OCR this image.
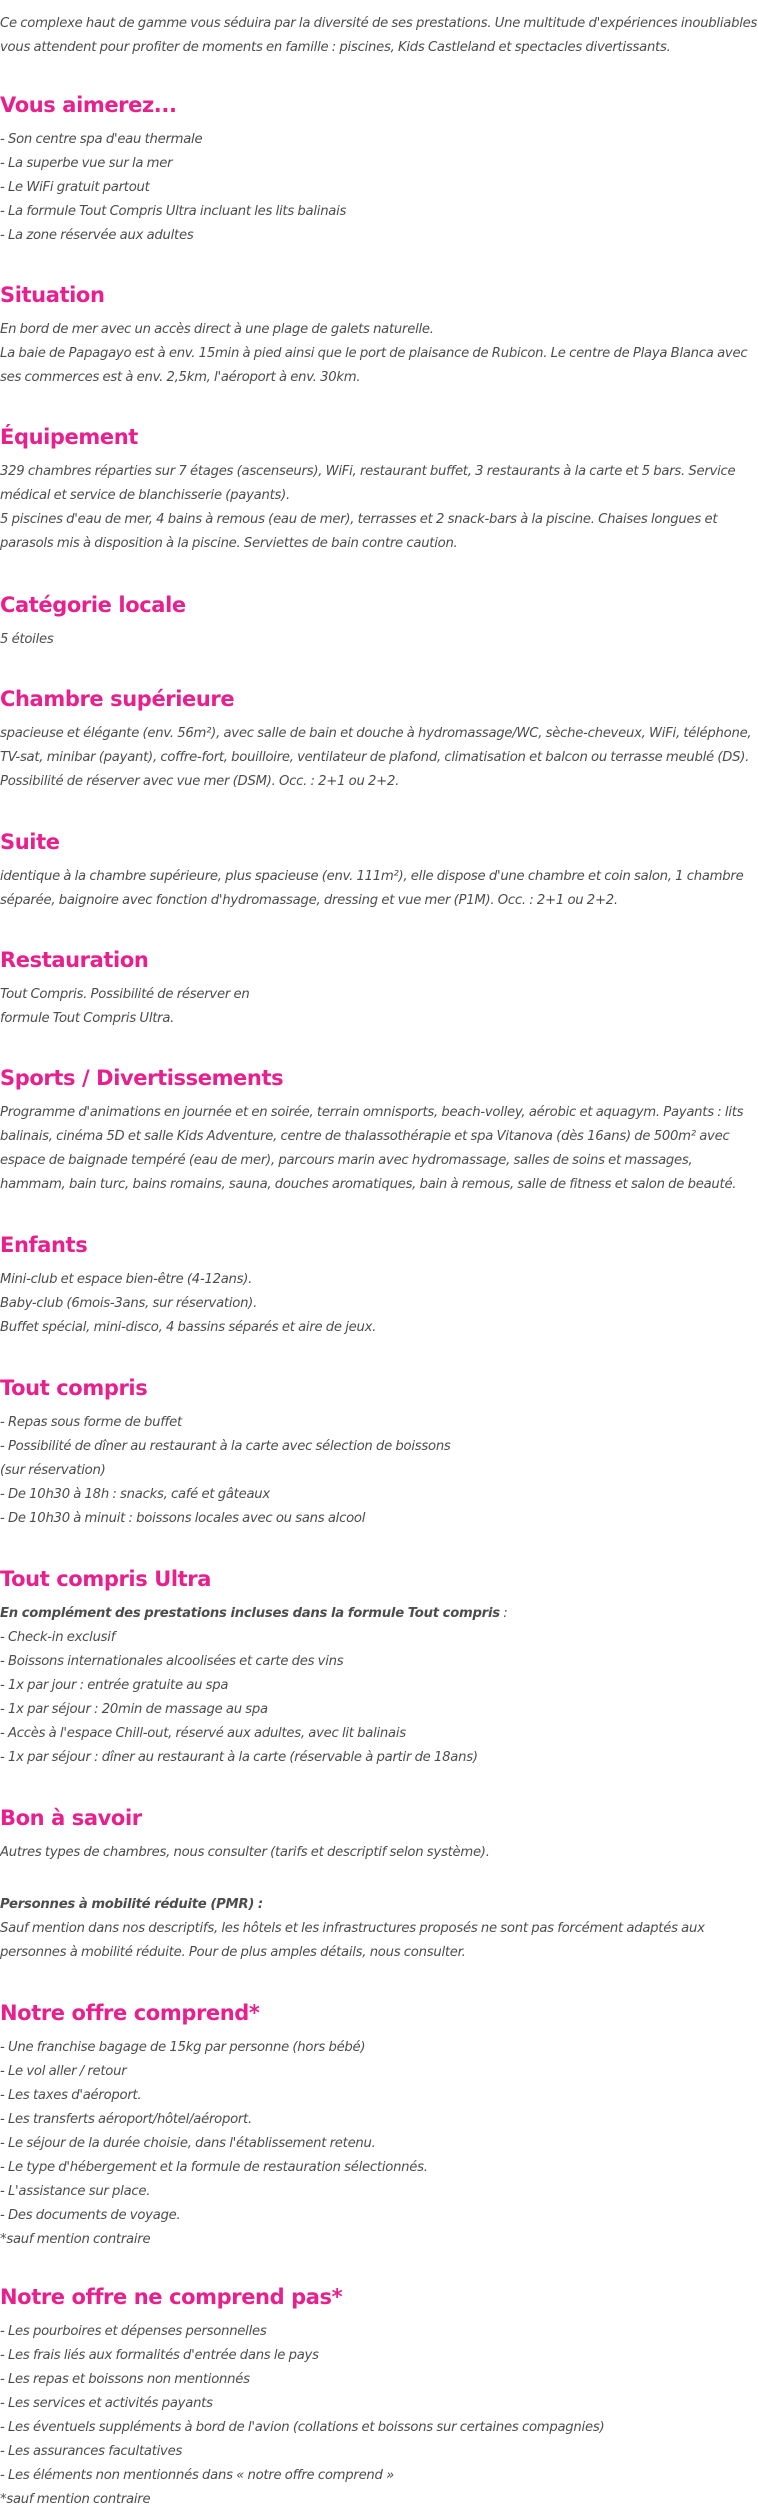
Ce complexe haut de gamme vous séduira par la diversité de ses prestations. Une multitude d'expériences inoubliables vous attendent pour profiter de moments en famille : piscines, Kids Castleland et spectacles divertissants.

Vous aimerez...

- Son centre spa d'eau thermale
- La superbe vue sur la mer
- Le WiFi gratuit partout
- La formule Tout Compris Ultra incluant les lits balinais
- La zone réservée aux adultes

Situation

En bord de mer avec un accès direct à une plage de galets naturelle.
La baie de Papagayo est à env. 15min à pied ainsi que le port de plaisance de Rubicon. Le centre de Playa Blanca avec ses commerces est à env. 2,5km, l'aéroport à env. 30km.

Équipement

329 chambres réparties sur 7 étages (ascenseurs), WiFi, restaurant buffet, 3 restaurants à la carte et 5 bars. Service médical et service de blanchisserie (payants).
5 piscines d'eau de mer, 4 bains à remous (eau de mer), terrasses et 2 snack-bars à la piscine. Chaises longues et parasols mis à disposition à la piscine. Serviettes de bain contre caution.

Catégorie locale

5 étoiles

Chambre supérieure

spacieuse et élégante (env. 56m²), avec salle de bain et douche à hydromassage/WC, sèche-cheveux, WiFi, téléphone, TV-sat, minibar (payant), coffre-fort, bouilloire, ventilateur de plafond, climatisation et balcon ou terrasse meublé (DS). Possibilité de réserver avec vue mer (DSM). Occ. : 2+1 ou 2+2.

Suite

identique à la chambre supérieure, plus spacieuse (env. 111m²), elle dispose d'une chambre et coin salon, 1 chambre séparée, baignoire avec fonction d'hydromassage, dressing et vue mer (P1M). Occ. : 2+1 ou 2+2.

Restauration

Tout Compris. Possibilité de réserver en
formule Tout Compris Ultra.

Sports / Divertissements

Programme d'animations en journée et en soirée, terrain omnisports, beach-volley, aérobic et aquagym. Payants : lits balinais, cinéma 5D et salle Kids Adventure, centre de thalassothérapie et spa Vitanova (dès 16ans) de 500m² avec espace de baignade tempéré (eau de mer), parcours marin avec hydromassage, salles de soins et massages, hammam, bain turc, bains romains, sauna, douches aromatiques, bain à remous, salle de fitness et salon de beauté.

Enfants

Mini-club et espace bien-être (4-12ans).
Baby-club (6mois-3ans, sur réservation).
Buffet spécial, mini-disco, 4 bassins séparés et aire de jeux.

Tout compris

- Repas sous forme de buffet
- Possibilité de dîner au restaurant à la carte avec sélection de boissons
(sur réservation)
- De 10h30 à 18h : snacks, café et gâteaux
- De 10h30 à minuit : boissons locales avec ou sans alcool

Tout compris Ultra

En complément des prestations incluses dans la formule Tout compris :

- Check-in exclusif
- Boissons internationales alcoolisées et carte des vins
- 1x par jour : entrée gratuite au spa
- 1x par séjour : 20min de massage au spa
- Accès à l'espace Chill-out, réservé aux adultes, avec lit balinais
- 1x par séjour : dîner au restaurant à la carte (réservable à partir de 18ans)

Bon à savoir

Autres types de chambres, nous consulter (tarifs et descriptif selon système).

Personnes à mobilité réduite (PMR) :

Sauf mention dans nos descriptifs, les hôtels et les infrastructures proposés ne sont pas forcément adaptés aux personnes à mobilité réduite. Pour de plus amples détails, nous consulter.

Notre offre comprend*

- Une franchise bagage de 15kg par personne (hors bébé)
- Le vol aller / retour
- Les taxes d'aéroport.
- Les transferts aéroport/hôtel/aéroport.
- Le séjour de la durée choisie, dans l'établissement retenu.
- Le type d'hébergement et la formule de restauration sélectionnés.
- L'assistance sur place.
- Des documents de voyage.
*sauf mention contraire

Notre offre ne comprend pas*

- Les pourboires et dépenses personnelles
- Les frais liés aux formalités d'entrée dans le pays
- Les repas et boissons non mentionnés
- Les services et activités payants
- Les éventuels suppléments à bord de l'avion (collations et boissons sur certaines compagnies)
- Les assurances facultatives
- Les éléments non mentionnés dans « notre offre comprend »
*sauf mention contraire
